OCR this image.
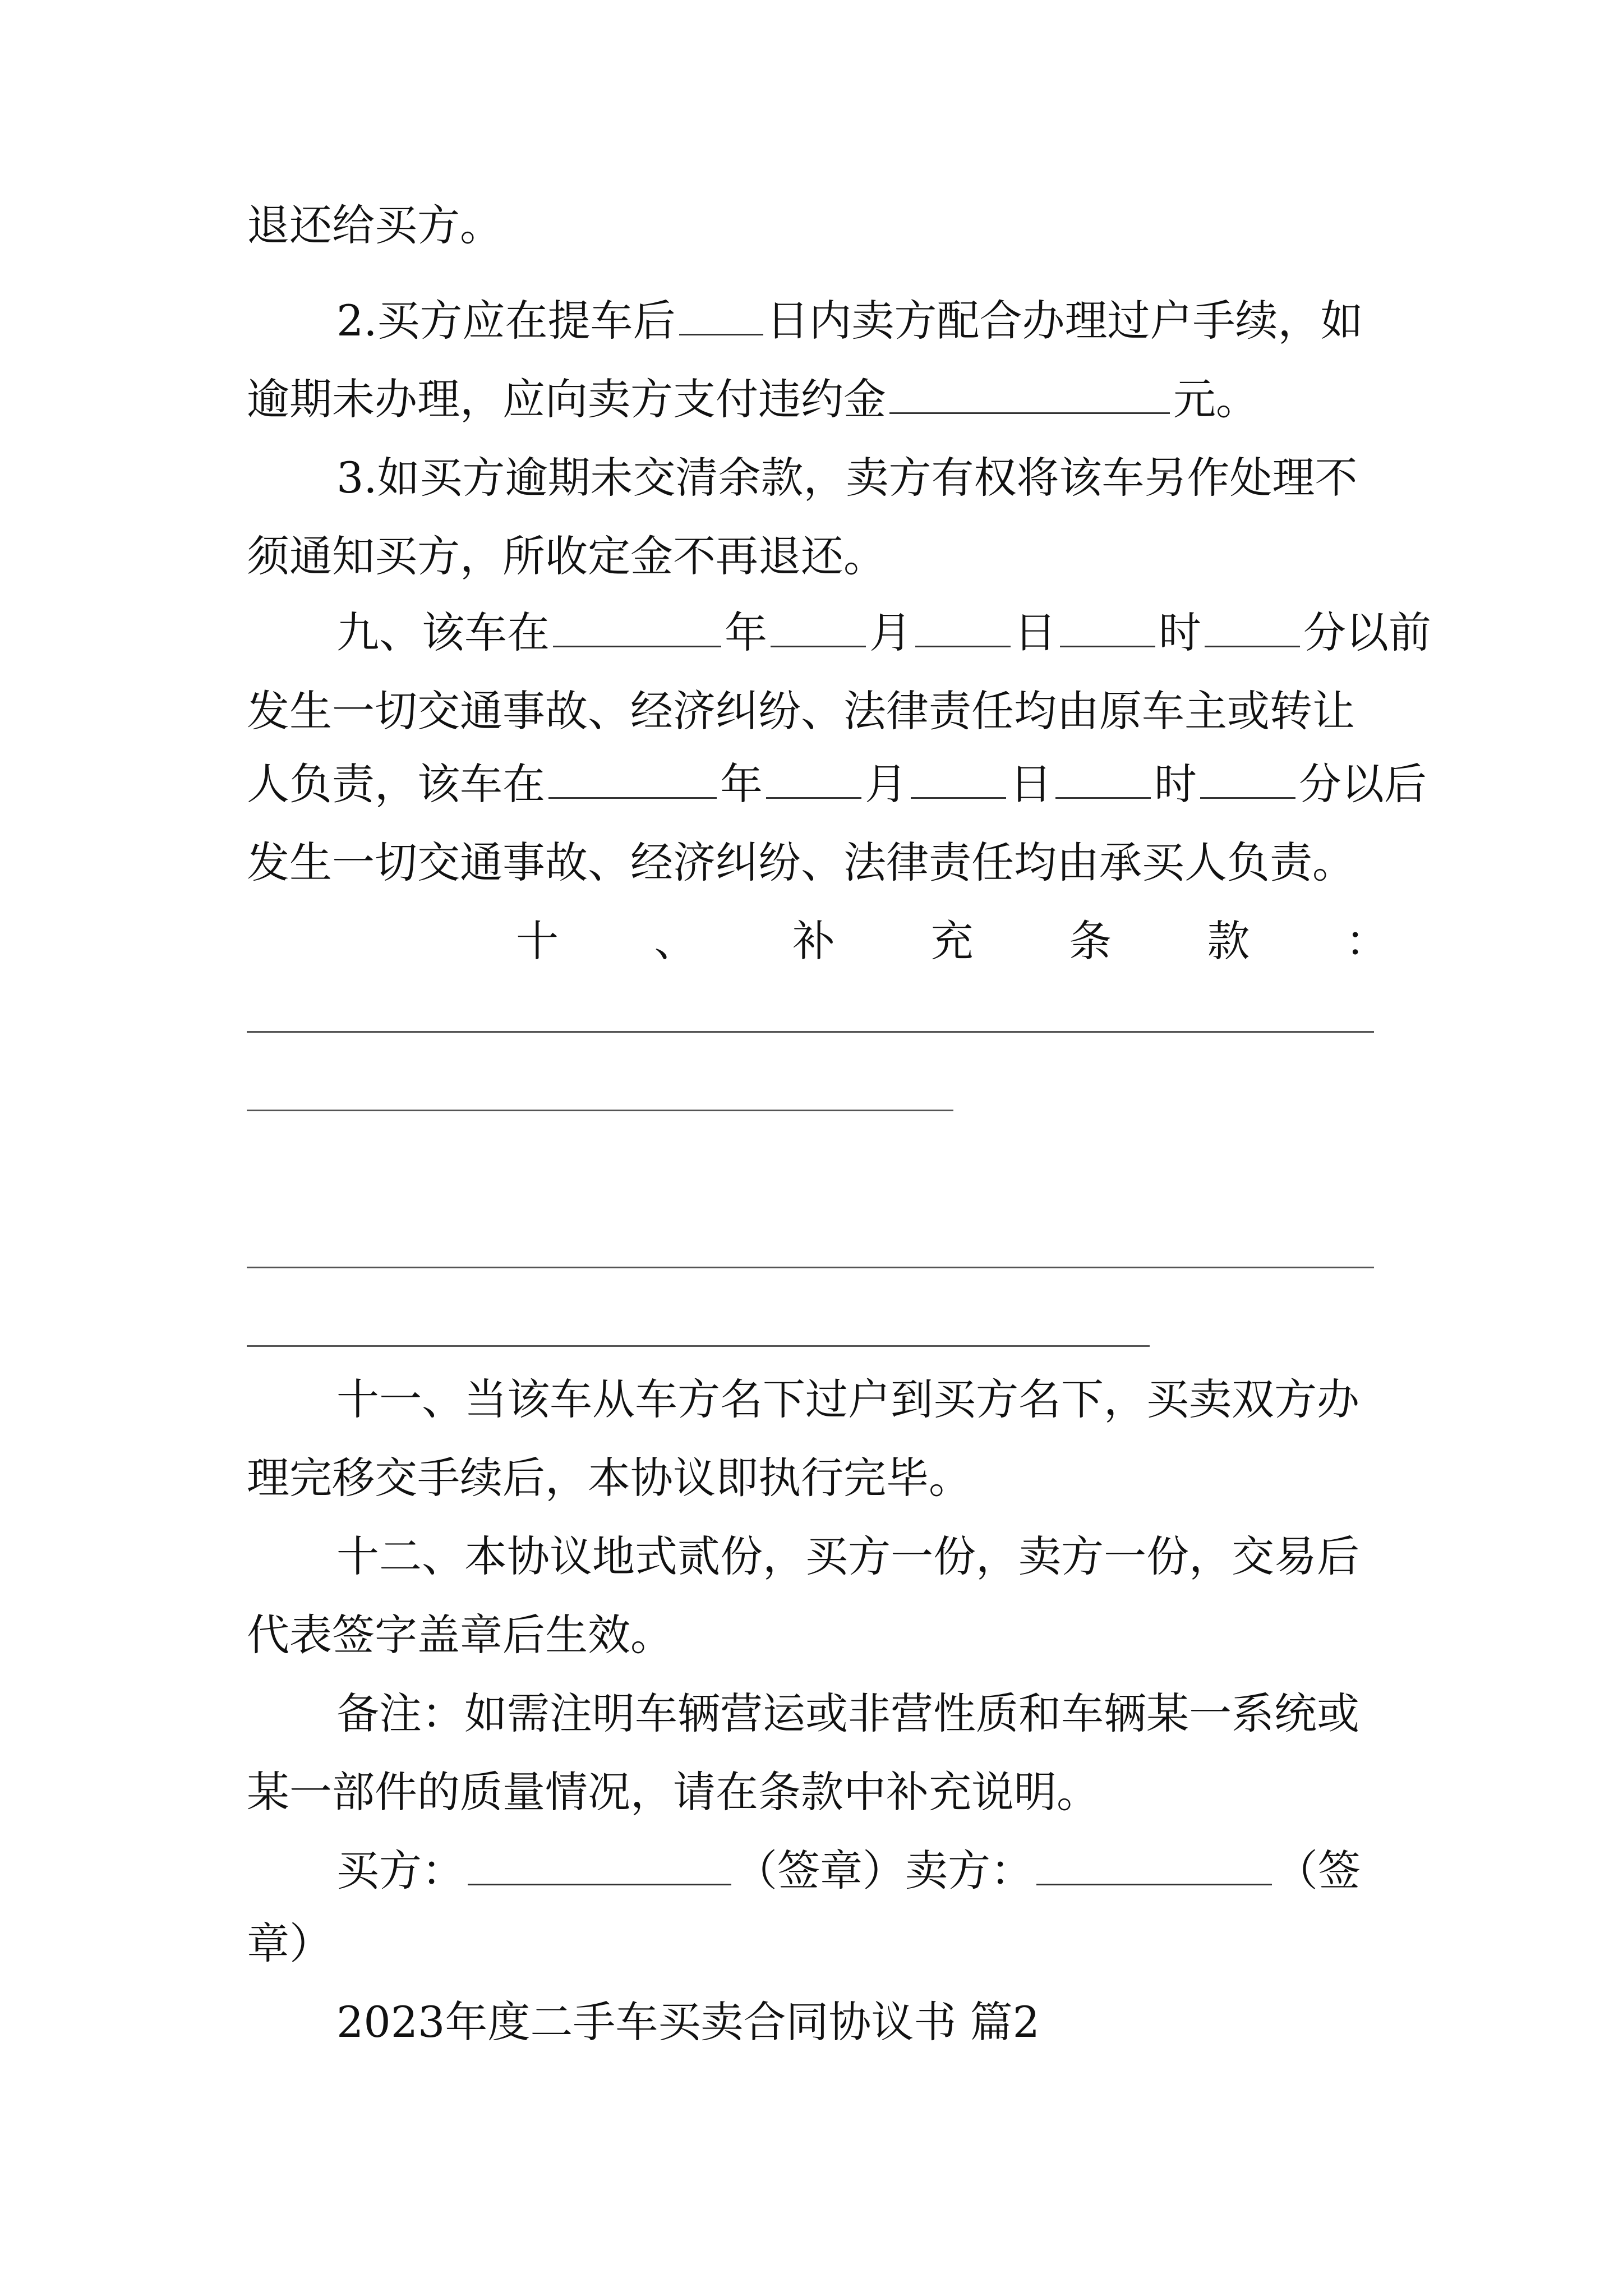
退还给买方。
2.买方应在提车后 日内卖方配合办理过户手续，如
逾期未办理，应向卖方支付违约金	元。
3.如买方逾期未交清余款，卖方有权将该车另作处理不
须通知买方，所收定金不再退还。
九、该车在	年 月 日 时 分以前
发生一切交通事故、经济纠纷、法律责任均由原车主或转让
人负责，该车在	年 月 日 时 分以后
发生一切交通事故、经济纠纷、法律责任均由承买人负责。
十 、 补 充 条 款 ：
十一、当该车从车方名下过户到买方名下，买卖双方办
理完移交手续后，本协议即执行完毕。
十二、本协议地式贰份，买方一份，卖方一份，交易后
代表签字盖章后生效。
备注：如需注明车辆营运或非营性质和车辆某一系统或
某一部件的质量情况，请在条款中补充说明。
买方：	（签章）卖方：	（签
章）
2023年度二手车买卖合同协议书 篇2
